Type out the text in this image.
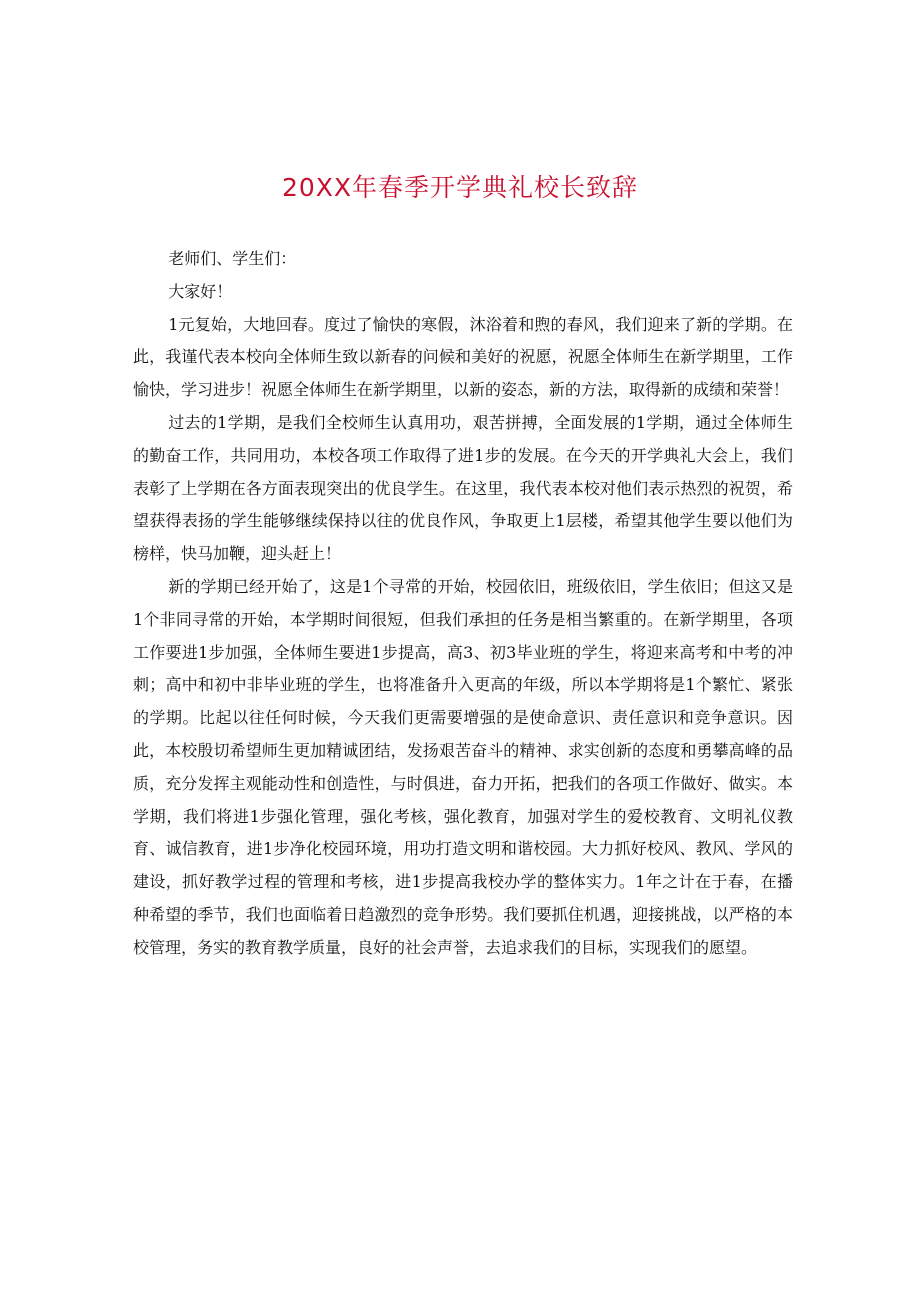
20XX年春季开学典礼校长致辞

老师们、学生们：

大家好！

1元复始，大地回春。度过了愉快的寒假，沐浴着和煦的春风，我们迎来了新的学期。在此，我谨代表本校向全体师生致以新春的问候和美好的祝愿，祝愿全体师生在新学期里，工作愉快，学习进步！祝愿全体师生在新学期里，以新的姿态，新的方法，取得新的成绩和荣誉！

过去的1学期，是我们全校师生认真用功，艰苦拼搏，全面发展的1学期，通过全体师生的勤奋工作，共同用功，本校各项工作取得了进1步的发展。在今天的开学典礼大会上，我们表彰了上学期在各方面表现突出的优良学生。在这里，我代表本校对他们表示热烈的祝贺，希望获得表扬的学生能够继续保持以往的优良作风，争取更上1层楼，希望其他学生要以他们为榜样，快马加鞭，迎头赶上！

新的学期已经开始了，这是1个寻常的开始，校园依旧，班级依旧，学生依旧；但这又是1个非同寻常的开始，本学期时间很短，但我们承担的任务是相当繁重的。在新学期里，各项工作要进1步加强，全体师生要进1步提高，高3、初3毕业班的学生，将迎来高考和中考的冲刺；高中和初中非毕业班的学生，也将准备升入更高的年级，所以本学期将是1个繁忙、紧张的学期。比起以往任何时候，今天我们更需要增强的是使命意识、责任意识和竞争意识。因此，本校殷切希望师生更加精诚团结，发扬艰苦奋斗的精神、求实创新的态度和勇攀高峰的品质，充分发挥主观能动性和创造性，与时俱进，奋力开拓，把我们的各项工作做好、做实。本学期，我们将进1步强化管理，强化考核，强化教育，加强对学生的爱校教育、文明礼仪教育、诚信教育，进1步净化校园环境，用功打造文明和谐校园。大力抓好校风、教风、学风的建设，抓好教学过程的管理和考核，进1步提高我校办学的整体实力。1年之计在于春，在播种希望的季节，我们也面临着日趋激烈的竞争形势。我们要抓住机遇，迎接挑战，以严格的本校管理，务实的教育教学质量，良好的社会声誉，去追求我们的目标，实现我们的愿望。
